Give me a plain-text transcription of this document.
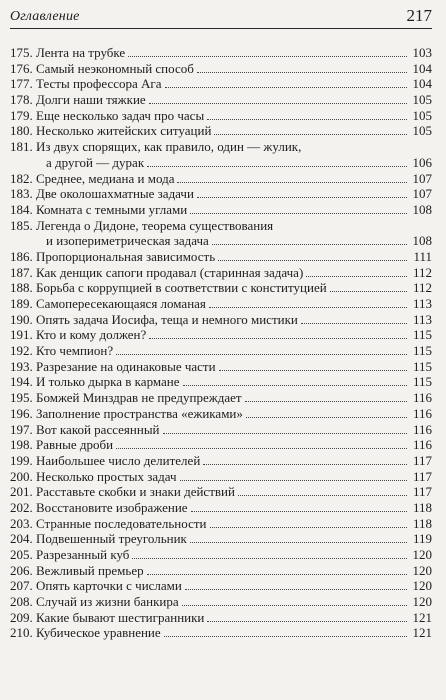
Оглавление	217
175. Лента на трубке	103
176. Самый неэкономный способ	104
177. Тесты профессора Ага	104
178. Долги наши тяжкие	105
179. Еще несколько задач про часы	105
180. Несколько житейских ситуаций	105
181. Из двух спорящих, как правило, один — жулик,
а другой — дурак	106
182. Среднее, медиана и мода	107
183. Две околошахматные задачи	107
184. Комната с темными углами	108
185. Легенда о Дидоне, теорема существования
и изопериметрическая задача	108
186. Пропорциональная зависимость	111
187. Как денщик сапоги продавал (старинная задача)	112
188. Борьба с коррупцией в соответствии с конституцией	112
189. Самопересекающаяся ломаная	113
190. Опять задача Иосифа, теща и немного мистики	113
191. Кто и кому должен?	115
192. Кто чемпион?	115
193. Разрезание на одинаковые части	115
194. И только дырка в кармане	115
195. Бомжей Минздрав не предупреждает	116
196. Заполнение пространства «ежиками»	116
197. Вот какой рассеянный	116
198. Равные дроби	116
199. Наибольшее число делителей	117
200. Несколько простых задач	117
201. Расставьте скобки и знаки действий	117
202. Восстановите изображение	118
203. Странные последовательности	118
204. Подвешенный треугольник	119
205. Разрезанный куб	120
206. Вежливый премьер	120
207. Опять карточки с числами	120
208. Случай из жизни банкира	120
209. Какие бывают шестигранники	121
210. Кубическое уравнение	121
